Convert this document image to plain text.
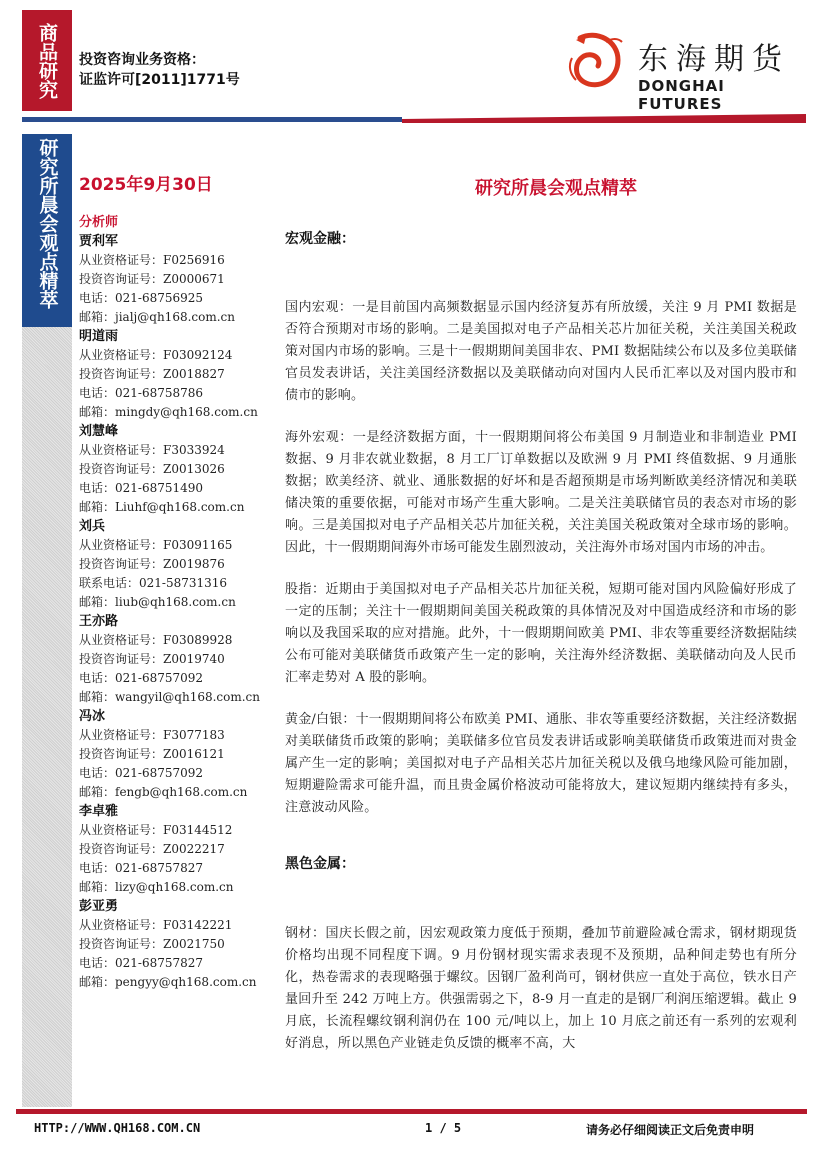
商品研究 投资咨询业务资格：
证监许可[2011]1771号
东海期货
DONGHAI FUTURES
研究所晨会观点精萃 2025年9月30日
分析师
贾利军
从业资格证号：F0256916
投资咨询证号：Z0000671
电话：021-68756925
邮箱：jialj@qh168.com.cn
明道雨
从业资格证号：F03092124
投资咨询证号：Z0018827
电话：021-68758786
邮箱：mingdy@qh168.com.cn
刘慧峰
从业资格证号：F3033924
投资咨询证号：Z0013026
电话：021-68751490
邮箱：Liuhf@qh168.com.cn
刘兵
从业资格证号：F03091165
投资咨询证号：Z0019876
联系电话：021-58731316
邮箱：liub@qh168.com.cn
王亦路
从业资格证号：F03089928
投资咨询证号：Z0019740
电话：021-68757092
邮箱：wangyil@qh168.com.cn
冯冰
从业资格证号：F3077183
投资咨询证号：Z0016121
电话：021-68757092
邮箱：fengb@qh168.com.cn
李卓雅
从业资格证号：F03144512
投资咨询证号：Z0022217
电话：021-68757827
邮箱：lizy@qh168.com.cn
彭亚勇
从业资格证号：F03142221
投资咨询证号：Z0021750
电话：021-68757827
邮箱：pengyy@qh168.com.cn
研究所晨会观点精萃
宏观金融：
国内宏观：一是目前国内高频数据显示国内经济复苏有所放缓，关注 9 月 PMI 数据是否符合预期对市场的影响。二是美国拟对电子产品相关芯片加征关税，关注美国关税政策对国内市场的影响。三是十一假期期间美国非农、PMI 数据陆续公布以及多位美联储官员发表讲话，关注美国经济数据以及美联储动向对国内人民币汇率以及对国内股市和债市的影响。
海外宏观：一是经济数据方面，十一假期期间将公布美国 9 月制造业和非制造业 PMI 数据、9 月非农就业数据，8 月工厂订单数据以及欧洲 9 月 PMI 终值数据、9 月通胀数据；欧美经济、就业、通胀数据的好坏和是否超预期是市场判断欧美经济情况和美联储决策的重要依据，可能对市场产生重大影响。二是关注美联储官员的表态对市场的影响。三是美国拟对电子产品相关芯片加征关税，关注美国关税政策对全球市场的影响。因此，十一假期期间海外市场可能发生剧烈波动，关注海外市场对国内市场的冲击。
股指：近期由于美国拟对电子产品相关芯片加征关税，短期可能对国内风险偏好形成了一定的压制；关注十一假期期间美国关税政策的具体情况及对中国造成经济和市场的影响以及我国采取的应对措施。此外，十一假期期间欧美 PMI、非农等重要经济数据陆续公布可能对美联储货币政策产生一定的影响，关注海外经济数据、美联储动向及人民币汇率走势对 A 股的影响。
黄金/白银：十一假期期间将公布欧美 PMI、通胀、非农等重要经济数据，关注经济数据对美联储货币政策的影响；美联储多位官员发表讲话或影响美联储货币政策进而对贵金属产生一定的影响；美国拟对电子产品相关芯片加征关税以及俄乌地缘风险可能加剧，短期避险需求可能升温，而且贵金属价格波动可能将放大，建议短期内继续持有多头，注意波动风险。
黑色金属：
钢材：国庆长假之前，因宏观政策力度低于预期，叠加节前避险减仓需求，钢材期现货价格均出现不同程度下调。9 月份钢材现实需求表现不及预期，品种间走势也有所分化，热卷需求的表现略强于螺纹。因钢厂盈利尚可，钢材供应一直处于高位，铁水日产量回升至 242 万吨上方。供强需弱之下，8-9 月一直走的是钢厂利润压缩逻辑。截止 9 月底，长流程螺纹钢利润仍在 100 元/吨以上，加上 10 月底之前还有一系列的宏观利好消息，所以黑色产业链走负反馈的概率不高，大
HTTP://WWW.QH168.COM.CN	1 / 5	请务必仔细阅读正文后免责申明
